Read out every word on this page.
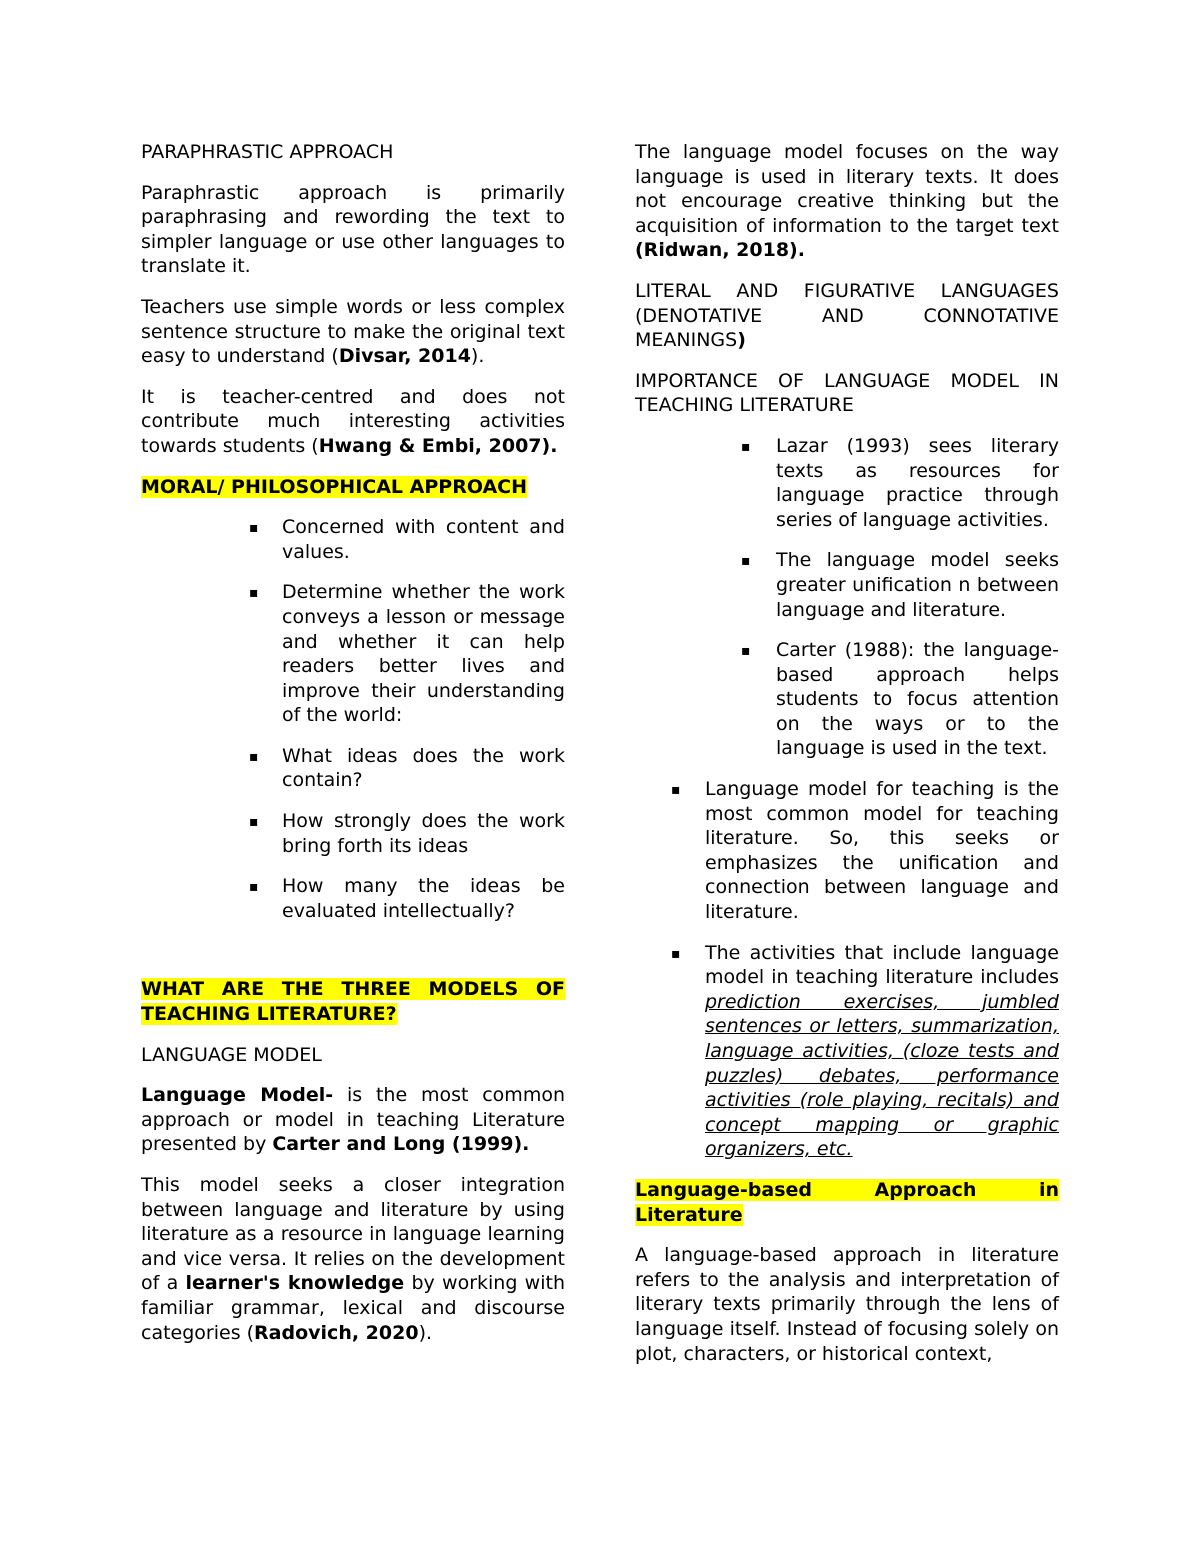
PARAPHRASTIC APPROACH

Paraphrastic approach is primarily paraphrasing and rewording the text to simpler language or use other languages to translate it.

Teachers use simple words or less complex sentence structure to make the original text easy to understand (Divsar, 2014).

It is teacher-centred and does not contribute much interesting activities towards students (Hwang & Embi, 2007).

MORAL/ PHILOSOPHICAL APPROACH

▪ Concerned with content and values.
▪ Determine whether the work conveys a lesson or message and whether it can help readers better lives and improve their understanding of the world:
▪ What ideas does the work contain?
▪ How strongly does the work bring forth its ideas
▪ How many the ideas be evaluated intellectually?

WHAT ARE THE THREE MODELS OF TEACHING LITERATURE?

LANGUAGE MODEL

Language Model- is the most common approach or model in teaching Literature presented by Carter and Long (1999).

This model seeks a closer integration between language and literature by using literature as a resource in language learning and vice versa. It relies on the development of a learner's knowledge by working with familiar grammar, lexical and discourse categories (Radovich, 2020).

The language model focuses on the way language is used in literary texts. It does not encourage creative thinking but the acquisition of information to the target text (Ridwan, 2018).

LITERAL AND FIGURATIVE LANGUAGES (DENOTATIVE AND CONNOTATIVE MEANINGS)

IMPORTANCE OF LANGUAGE MODEL IN TEACHING LITERATURE

▪ Lazar (1993) sees literary texts as resources for language practice through series of language activities.
▪ The language model seeks greater unification n between language and literature.
▪ Carter (1988): the language-based approach helps students to focus attention on the ways or to the language is used in the text.
▪ Language model for teaching is the most common model for teaching literature. So, this seeks or emphasizes the unification and connection between language and literature.
▪ The activities that include language model in teaching literature includes prediction exercises, jumbled sentences or letters, summarization, language activities, (cloze tests and puzzles) debates, performance activities (role playing, recitals) and concept mapping or graphic organizers, etc.

Language-based Approach in Literature

A language-based approach in literature refers to the analysis and interpretation of literary texts primarily through the lens of language itself. Instead of focusing solely on plot, characters, or historical context,
